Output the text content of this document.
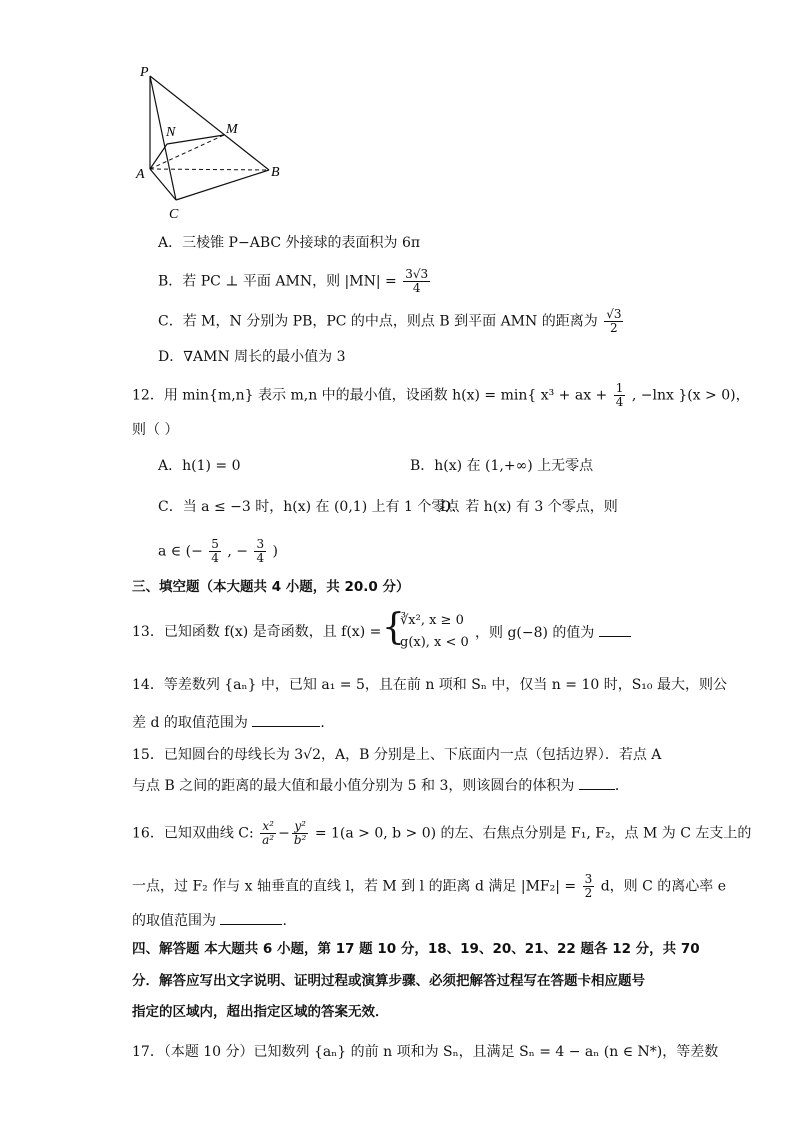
P
N	M
A	B
C
A．三棱锥 P−ABC 外接球的表面积为 6π
B．若 PC ⊥ 平面 AMN，则 $|MN| = \frac{3√3}{4}$
C．若 M，N 分别为 PB，PC 的中点，则点 B 到平面 AMN 的距离为 $\frac{√3}{2}$
D．∇AMN 周长的最小值为 3
12．用 min{m,n} 表示 m,n 中的最小值，设函数 h(x) = min{ x³ + ax + $\frac{1}{4}$ , −lnx }(x > 0)，
则（ ）
A．h(1) = 0	B．h(x) 在 (1,+∞) 上无零点
C．当 a ≤ −3 时，h(x) 在 (0,1) 上有 1 个零点
D．若 h(x) 有 3 个零点，则
a ∈ (− $\frac{5}{4}$ , − $\frac{3}{4}$ )
三、填空题（本大题共 4 小题，共 20.0 分）
13．已知函数 f(x) 是奇函数，且 f(x) = {
∛x², x ≥ 0
g(x), x < 0
，则 g(−8) 的值为
14．等差数列 {aₙ} 中，已知 a₁ = 5，且在前 n 项和 Sₙ 中，仅当 n = 10 时，S₁₀ 最大，则公
差 d 的取值范围为	．
15．已知圆台的母线长为 3√2，A，B 分别是上、下底面内一点（包括边界）．若点 A
与点 B 之间的距离的最大值和最小值分别为 5 和 3，则该圆台的体积为	．
16．已知双曲线 C: $\frac{\text{x²}}{\text{a²}} - \frac{\text{y²}}{\text{b²}} = 1(a > 0$, b > 0) 的左、右焦点分别是 F₁, F₂，点 M 为 C 左支上的
一点，过 F₂ 作与 x 轴垂直的直线 l，若 M 到 l 的距离 d 满足 $|MF_2| = \frac{3}{2}$ d，则 C 的离心率 e
的取值范围为	.
四、解答题 本大题共 6 小题，第 17 题 10 分，18、19、20、21、22 题各 12 分，共 70
分．解答应写出文字说明、证明过程或演算步骤、必须把解答过程写在答题卡相应题号
指定的区域内，超出指定区域的答案无效．
17．（本题 10 分）已知数列 {aₙ} 的前 n 项和为 Sₙ，且满足 Sₙ = 4 − aₙ (n ∈ N*)，等差数
